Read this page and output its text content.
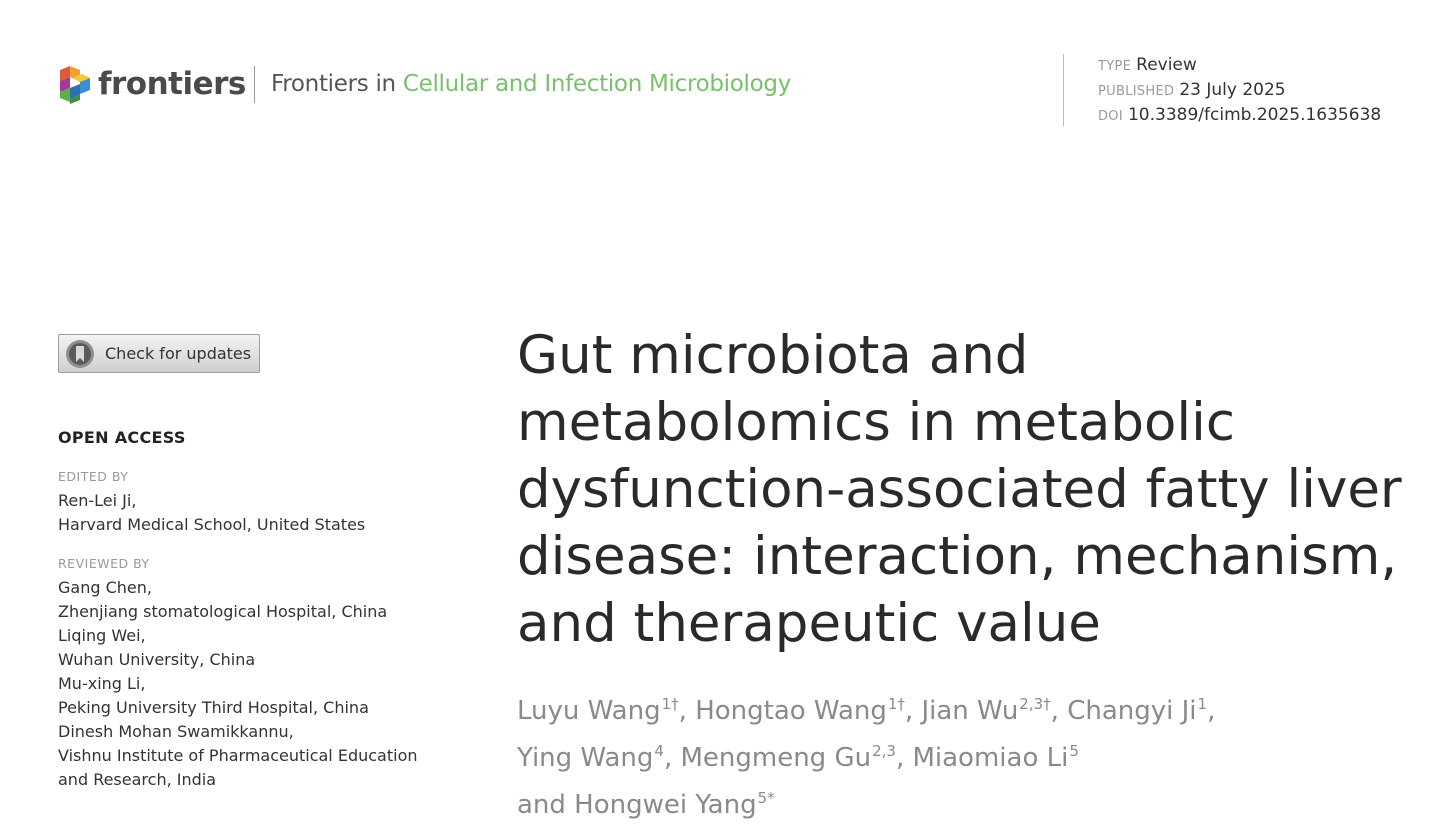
frontiers Frontiers in Cellular and Infection Microbiology
TYPE Review
PUBLISHED 23 July 2025
DOI 10.3389/fcimb.2025.1635638
Check for updates
OPEN ACCESS
EDITED BY
Ren-Lei Ji,
Harvard Medical School, United States
REVIEWED BY
Gang Chen,
Zhenjiang stomatological Hospital, China
Liqing Wei,
Wuhan University, China
Mu-xing Li,
Peking University Third Hospital, China
Dinesh Mohan Swamikkannu,
Vishnu Institute of Pharmaceutical Education
and Research, India
Gut microbiota and
metabolomics in metabolic
dysfunction-associated fatty liver
disease: interaction, mechanism,
and therapeutic value
Luyu Wang$^{1\dagger}$, Hongtao Wang$^{1\dagger}$, Jian $Wu^{2,3\dagger}$, Changyi Ji$^1$,
Ying Wang$^4$, Mengmeng Gu$^{2,3}$, Miaomiao Li$^5$
and Hongwei Yang$^{5*}$
